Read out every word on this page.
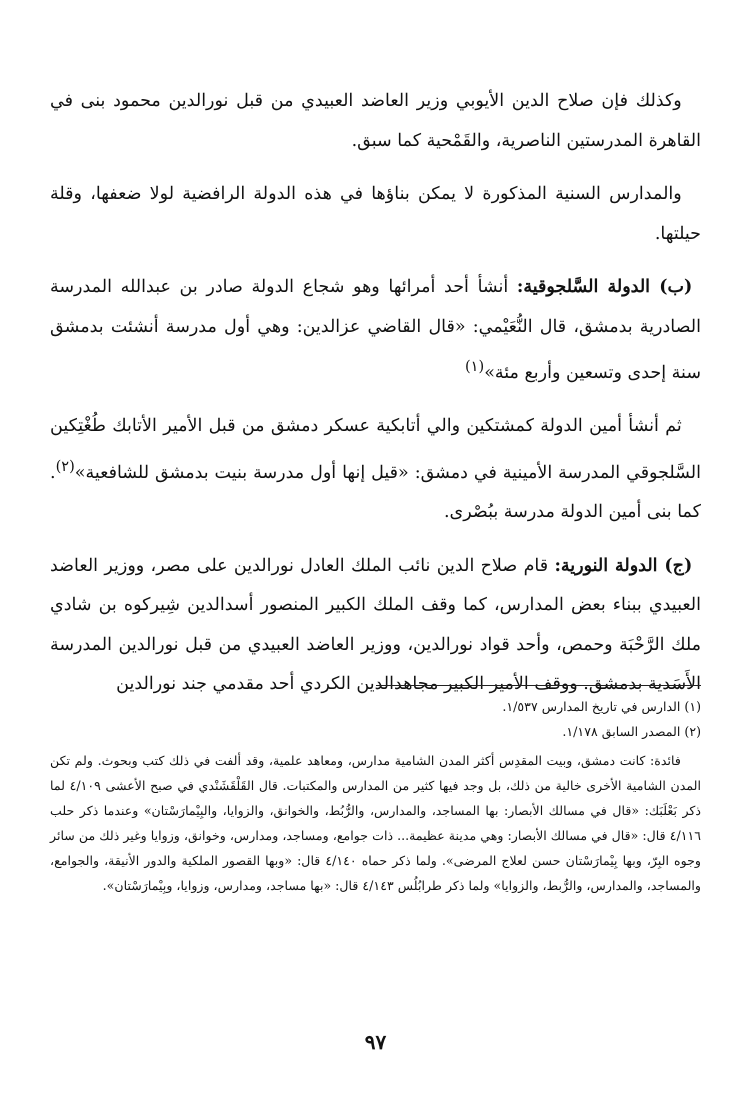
وكذلك فإن صلاح الدين الأيوبي وزير العاضد العبيدي من قبل نورالدين محمود بنى في القاهرة المدرستين الناصرية، والقَمْحية كما سبق.

والمدارس السنية المذكورة لا يمكن بناؤها في هذه الدولة الرافضية لولا ضعفها، وقلة حيلتها.

(ب) الدولة السَّلجوقية: أنشأ أحد أمرائها وهو شجاع الدولة صادر بن عبدالله المدرسة الصادرية بدمشق، قال النُّعَيْمي: «قال القاضي عزالدين: وهي أول مدرسة أنشئت بدمشق سنة إحدى وتسعين وأربع مئة»$^{(١)}$

ثم أنشأ أمين الدولة كمشتكين والي أتابكية عسكر دمشق من قبل الأمير الأتابك طُغْتِكين السَّلجوقي المدرسة الأمينية في دمشق: «قيل إنها أول مدرسة بنيت بدمشق للشافعية»$^{(٢)}$. كما بنى أمين الدولة مدرسة ببُصْرى.

(ج) الدولة النورية: قام صلاح الدين نائب الملك العادل نورالدين على مصر، ووزير العاضد العبيدي ببناء بعض المدارس، كما وقف الملك الكبير المنصور أسدالدين شِيركوه بن شادي ملك الرَّحْبَة وحمص، وأحد قواد نورالدين، ووزير العاضد العبيدي من قبل نورالدين المدرسة الأَسَدية بدمشق. ووقف الأمير الكبير مجاهدالدين الكردي أحد مقدمي جند نورالدين

(١) الدارس في تاريخ المدارس ١/٥٣٧.

(٢) المصدر السابق ١/١٧٨.

فائدة: كانت دمشق، وبيت المقدِس أكثر المدن الشامية مدارس، ومعاهد علمية، وقد ألفت في ذلك كتب وبحوث. ولم تكن المدن الشامية الأخرى خالية من ذلك، بل وجد فيها كثير من المدارس والمكتبات. قال القَلْقَشَنْدي في صبح الأعشى ٤/١٠٩ لما ذكر بَعْلَبَك: «قال في مسالك الأبصار: بها المساجد، والمدارس، والرُّبُط، والخوانق، والزوايا، والبِيْمارَسْتان» وعندما ذكر حلب ٤/١١٦ قال: «قال في مسالك الأبصار: وهي مدينة عظيمة... ذات جوامع، ومساجد، ومدارس، وخوانق، وزوايا وغير ذلك من سائر وجوه البِرّ، وبها بِيْمارَسْتان حسن لعلاج المرضى». ولما ذكر حماه ٤/١٤٠ قال: «وبها القصور الملكية والدور الأنيقة، والجوامع، والمساجد، والمدارس، والرُّبط، والزوايا» ولما ذكر طرابُلُس ٤/١٤٣ قال: «بها مساجد، ومدارس، وزوايا، وبِيْمارَسْتان».

٩٧
